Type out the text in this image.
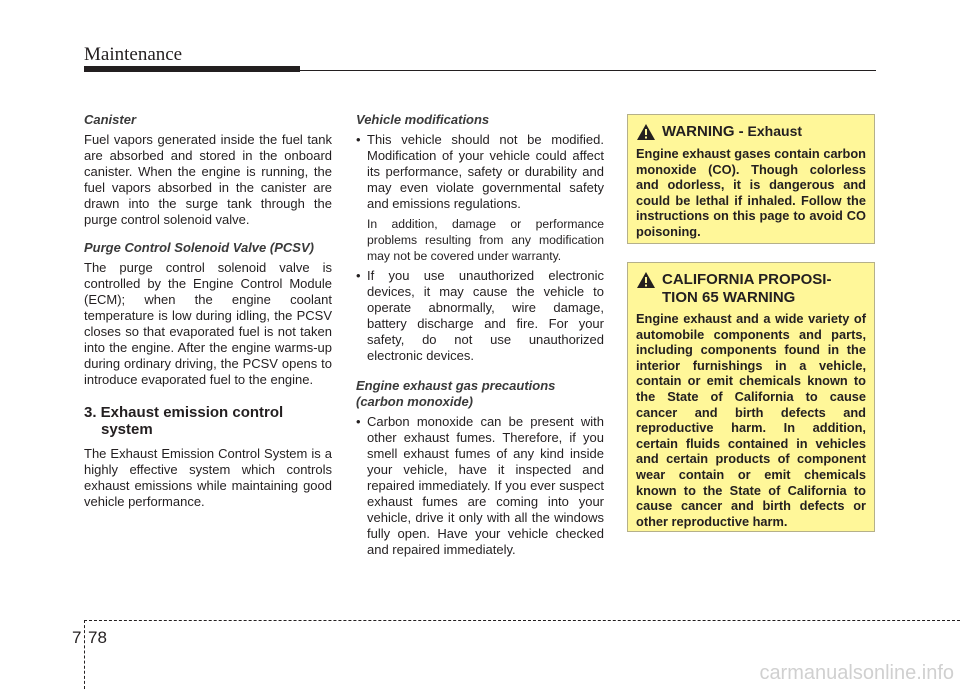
Maintenance
Canister

Fuel vapors generated inside the fuel tank are absorbed and stored in the onboard canister. When the engine is running, the fuel vapors absorbed in the canister are drawn into the surge tank through the purge control solenoid valve.

Purge Control Solenoid Valve (PCSV)

The purge control solenoid valve is controlled by the Engine Control Module (ECM); when the engine coolant temperature is low during idling, the PCSV closes so that evaporated fuel is not taken into the engine. After the engine warms-up during ordinary driving, the PCSV opens to introduce evaporated fuel to the engine.

3. Exhaust emission control
system

The Exhaust Emission Control System is a highly effective system which controls exhaust emissions while maintaining good vehicle performance.

Vehicle modifications
• This vehicle should not be modified. Modification of your vehicle could affect its performance, safety or durability and may even violate governmental safety and emissions regulations.

In addition, damage or performance problems resulting from any modification may not be covered under warranty.

• If you use unauthorized electronic devices, it may cause the vehicle to operate abnormally, wire damage, battery discharge and fire. For your safety, do not use unauthorized electronic devices.

Engine exhaust gas precautions
(carbon monoxide)
• Carbon monoxide can be present with other exhaust fumes. Therefore, if you smell exhaust fumes of any kind inside your vehicle, have it inspected and repaired immediately. If you ever suspect exhaust fumes are coming into your vehicle, drive it only with all the windows fully open. Have your vehicle checked and repaired immediately.

WARNING - Exhaust
Engine exhaust gases contain carbon monoxide (CO). Though colorless and odorless, it is dangerous and could be lethal if inhaled. Follow the instructions on this page to avoid CO poisoning.
CALIFORNIA PROPOSI-
TION 65 WARNING
Engine exhaust and a wide variety of automobile components and parts, including components found in the interior furnishings in a vehicle, contain or emit chemicals known to the State of California to cause cancer and birth defects and reproductive harm. In addition, certain fluids contained in vehicles and certain products of component wear contain or emit chemicals known to the State of California to cause cancer and birth defects or other reproductive harm.
7 78
carmanualsonline.info
